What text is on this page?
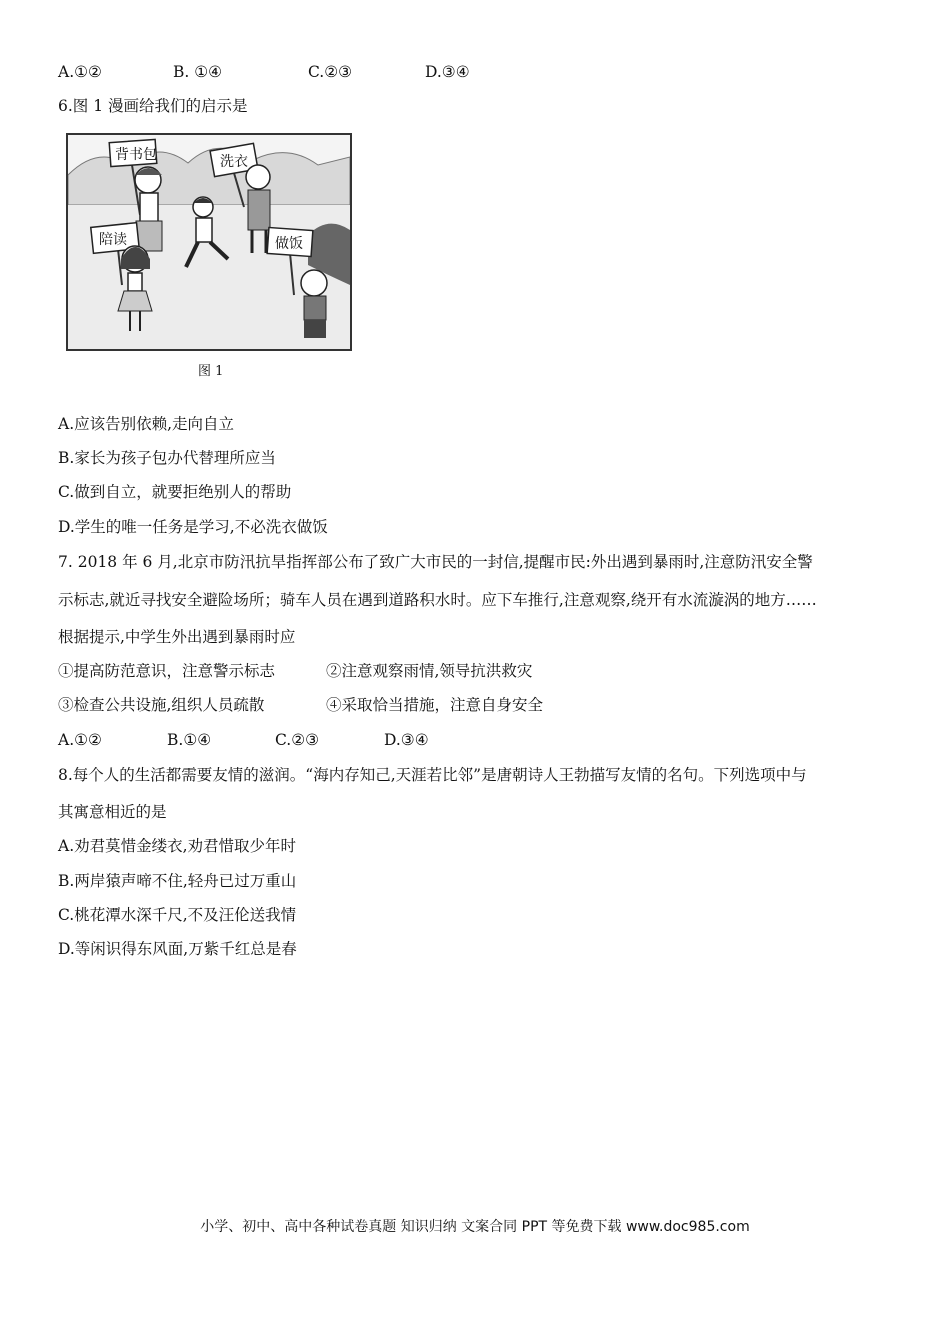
A.①②	B. ①④	C.②③	D.③④
6.图 1 漫画给我们的启示是
背书包	洗衣
陪读	做饭
图 1
A.应该告别依赖,走向自立
B.家长为孩子包办代替理所应当
C.做到自立，就要拒绝别人的帮助
D.学生的唯一任务是学习,不必洗衣做饭
7. 2018 年 6 月,北京市防汛抗旱指挥部公布了致广大市民的一封信,提醒市民:外出遇到暴雨时,注意防汛安全警
示标志,就近寻找安全避险场所；骑车人员在遇到道路积水时。应下车推行,注意观察,绕开有水流漩涡的地方……
根据提示,中学生外出遇到暴雨时应
①提高防范意识，注意警示标志	②注意观察雨情,领导抗洪救灾
③检查公共设施,组织人员疏散	④采取恰当措施，注意自身安全
A.①②	B.①④	C.②③	D.③④
8.每个人的生活都需要友情的滋润。“海内存知己,天涯若比邻”是唐朝诗人王勃描写友情的名句。下列选项中与
其寓意相近的是
A.劝君莫惜金缕衣,劝君惜取少年时
B.两岸猿声啼不住,轻舟已过万重山
C.桃花潭水深千尺,不及汪伦送我情
D.等闲识得东风面,万紫千红总是春
小学、初中、高中各种试卷真题 知识归纳 文案合同 PPT 等免费下载 www.doc985.com
